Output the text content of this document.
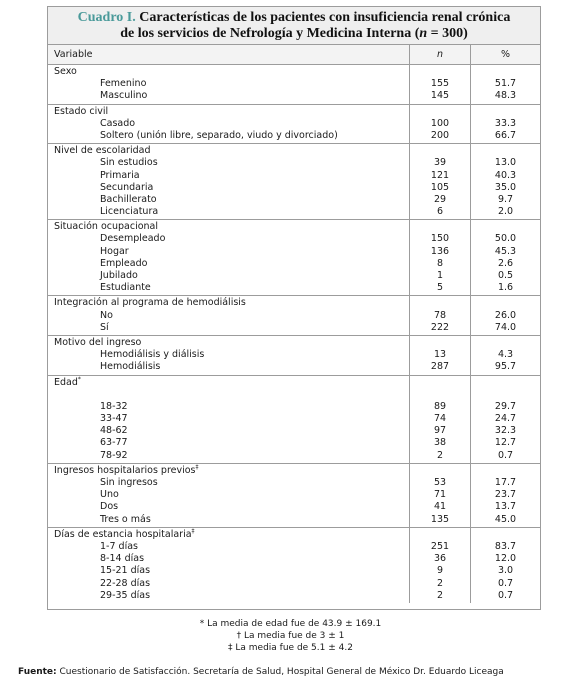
Cuadro I. Características de los pacientes con insuficiencia renal crónica
de los servicios de Nefrología y Medicina Interna (n = 300)
Variable	n	%
Sexo
Femenino
Masculino
155
145
51.7
48.3
Estado civil
Casado
Soltero (unión libre, separado, viudo y divorciado)
100
200
33.3
66.7
Nivel de escolaridad
Sin estudios
Primaria
Secundaria
Bachillerato
Licenciatura
39
121
105
29
6
13.0
40.3
35.0
9.7
2.0
Situación ocupacional
Desempleado
Hogar
Empleado
Jubilado
Estudiante
150
136
8
1
5
50.0
45.3
2.6
0.5
1.6
Integración al programa de hemodiálisis
No
Sí
78
222
26.0
74.0
Motivo del ingreso
Hemodiálisis y diálisis
Hemodiálisis
13
287
4.3
95.7
Edad*
18-32
33-47
48-62
63-77
78-92
89
74
97
38
2
29.7
24.7
32.3
12.7
0.7
Ingresos hospitalarios previos‡
Sin ingresos
Uno
Dos
Tres o más
53
71
41
135
17.7
23.7
13.7
45.0
Días de estancia hospitalaria‡
1-7 días
8-14 días
15-21 días
22-28 días
29-35 días
251
36
9
2
2
83.7
12.0
3.0
0.7
0.7
* La media de edad fue de 43.9 ± 169.1
† La media fue de 3 ± 1
‡ La media fue de 5.1 ± 4.2
Fuente: Cuestionario de Satisfacción. Secretaría de Salud, Hospital General de México Dr. Eduardo Liceaga
